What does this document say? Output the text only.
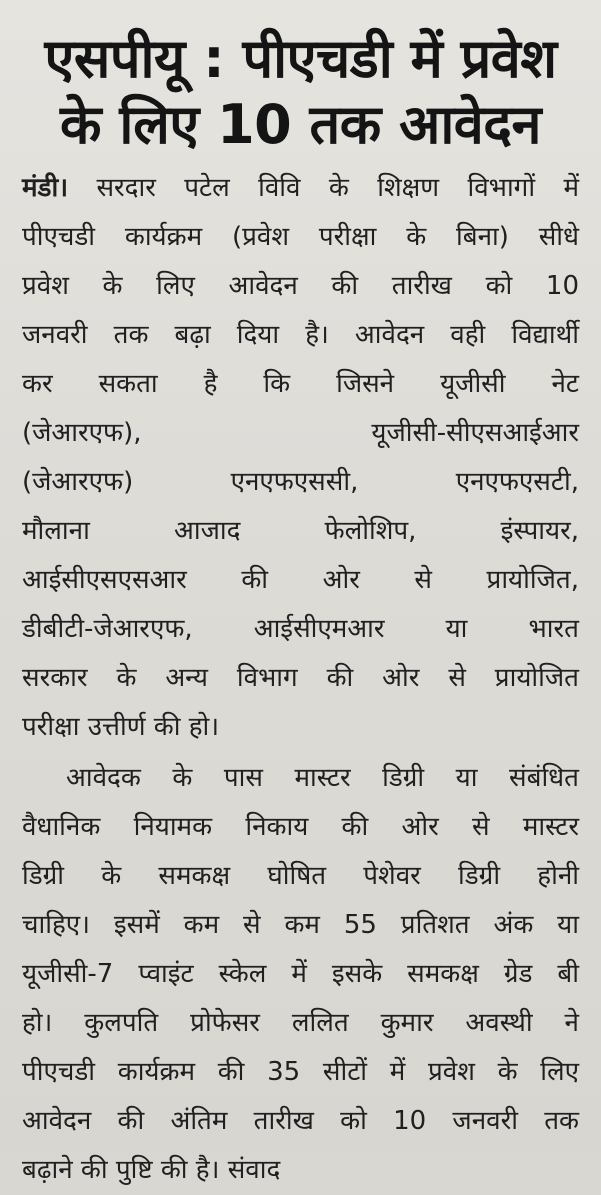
एसपीयू : पीएचडी में प्रवेश
के लिए 10 तक आवेदन
मंडी। सरदार पटेल विवि के शिक्षण विभागों में
पीएचडी कार्यक्रम (प्रवेश परीक्षा के बिना) सीधे
प्रवेश के लिए आवेदन की तारीख को 10
जनवरी तक बढ़ा दिया है। आवेदन वही विद्यार्थी
कर सकता है कि जिसने यूजीसी नेट
(जेआरएफ), यूजीसी-सीएसआईआर
(जेआरएफ) एनएफएससी, एनएफएसटी,
मौलाना आजाद फेलोशिप, इंस्पायर,
आईसीएसएसआर की ओर से प्रायोजित,
डीबीटी-जेआरएफ, आईसीएमआर या भारत
सरकार के अन्य विभाग की ओर से प्रायोजित
परीक्षा उत्तीर्ण की हो।
आवेदक के पास मास्टर डिग्री या संबंधित
वैधानिक नियामक निकाय की ओर से मास्टर
डिग्री के समकक्ष घोषित पेशेवर डिग्री होनी
चाहिए। इसमें कम से कम 55 प्रतिशत अंक या
यूजीसी-7 प्वाइंट स्केल में इसके समकक्ष ग्रेड बी
हो। कुलपति प्रोफेसर ललित कुमार अवस्थी ने
पीएचडी कार्यक्रम की 35 सीटों में प्रवेश के लिए
आवेदन की अंतिम तारीख को 10 जनवरी तक
बढ़ाने की पुष्टि की है। संवाद
